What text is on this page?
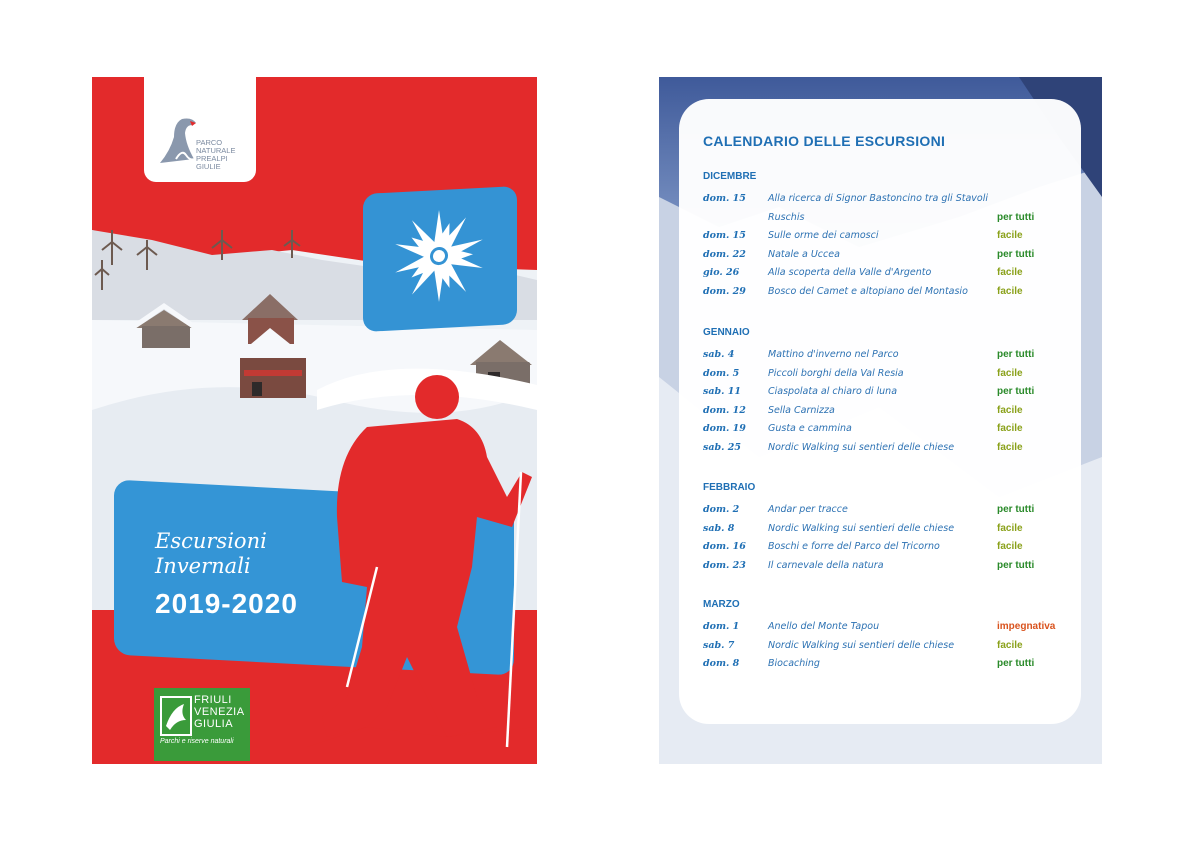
PARCO
NATURALE
PREALPI
GIULIE
Escursioni
Invernali
2019-2020
FRIULI
VENEZIA
GIULIA
Parchi e riserve naturali
CALENDARIO DELLE ESCURSIONI
DICEMBRE
dom. 15 Alla ricerca di Signor Bastoncino tra gli Stavoli
Ruschis	per tutti
dom. 15 Sulle orme dei camosci	facile
dom. 22 Natale a Uccea	per tutti
gio. 26	Alla scoperta della Valle d'Argento	facile
dom. 29 Bosco del Camet e altopiano del Montasio	facile
GENNAIO
sab. 4	Mattino d'inverno nel Parco	per tutti
dom. 5	Piccoli borghi della Val Resia	facile
sab. 11	Ciaspolata al chiaro di luna	per tutti
dom. 12 Sella Carnizza	facile
dom. 19 Gusta e cammina	facile
sab. 25	Nordic Walking sui sentieri delle chiese	facile
FEBBRAIO
dom. 2	Andar per tracce	per tutti
sab. 8	Nordic Walking sui sentieri delle chiese	facile
dom. 16 Boschi e forre del Parco del Tricorno	facile
dom. 23 Il carnevale della natura	per tutti
MARZO
dom. 1	Anello del Monte Tapou	impegnativa
sab. 7	Nordic Walking sui sentieri delle chiese	facile
dom. 8	Biocaching	per tutti
